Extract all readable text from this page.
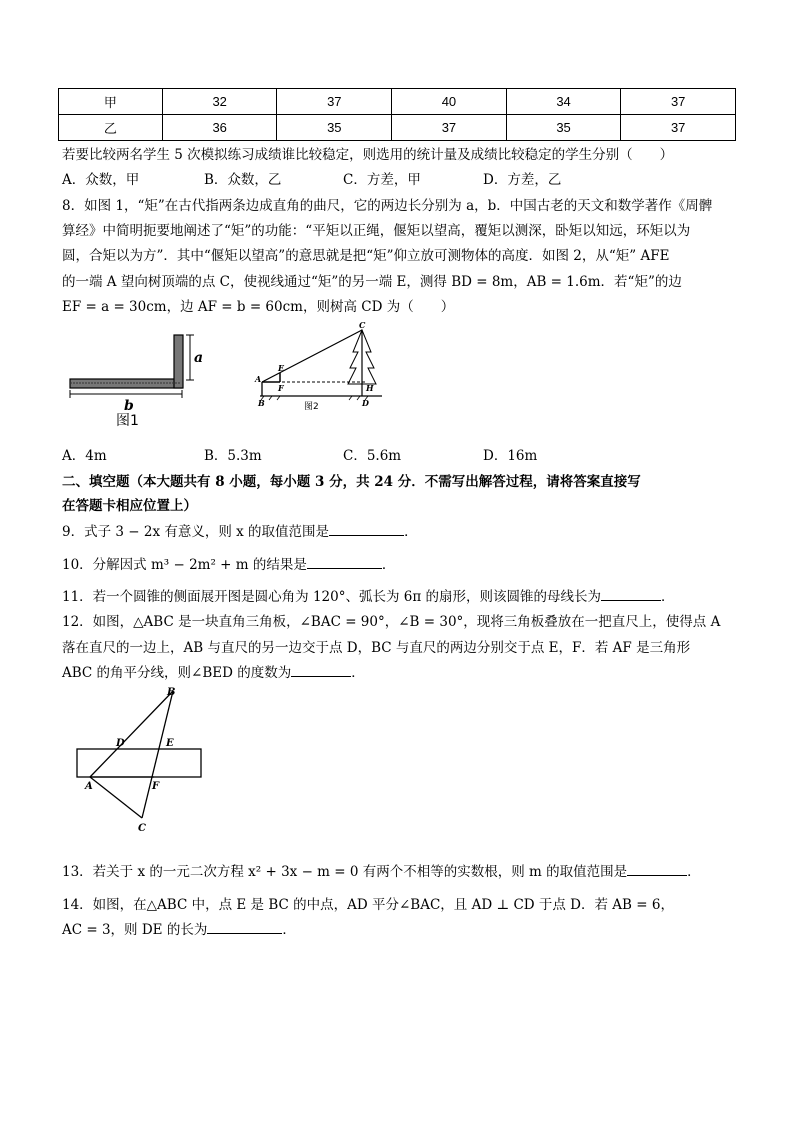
甲	32	37	40	34	37
乙	36	35	37	35	37
若要比较两名学生 5 次模拟练习成绩谁比较稳定，则选用的统计量及成绩比较稳定的学生分别（　　）
A．众数，甲	B．众数，乙	C．方差，甲	D．方差，乙
8．如图 1，“矩”在古代指两条边成直角的曲尺，它的两边长分别为 a，b．中国古老的天文和数学著作《周髀
算经》中简明扼要地阐述了“矩”的功能：“平矩以正绳，偃矩以望高，覆矩以测深，卧矩以知远，环矩以为
圆，合矩以为方”．其中“偃矩以望高”的意思就是把“矩”仰立放可测物体的高度．如图 2，从“矩” AFE
的一端 A 望向树顶端的点 C，使视线通过“矩”的另一端 E，测得 BD = 8m，AB = 1.6m．若“矩”的边
EF = a = 30cm，边 AF = b = 60cm，则树高 CD 为（　　）
a
b
图1
C
E
A
F
B	D
H
图2
A．4m	B．5.3m	C．5.6m	D．16m
二、填空题（本大题共有 8 小题，每小题 3 分，共 24 分．不需写出解答过程，请将答案直接写
在答题卡相应位置上）
9．式子 3 − 2x 有意义，则 x 的取值范围是	．
10．分解因式 m³ − 2m² + m 的结果是	．
11．若一个圆锥的侧面展开图是圆心角为 120°、弧长为 6π 的扇形，则该圆锥的母线长为	．
12．如图，△ABC 是一块直角三角板，∠BAC = 90°，∠B = 30°，现将三角板叠放在一把直尺上，使得点 A
落在直尺的一边上，AB 与直尺的另一边交于点 D，BC 与直尺的两边分别交于点 E，F．若 AF 是三角形
ABC 的角平分线，则∠BED 的度数为	．
B
D	E
A	F
C
13．若关于 x 的一元二次方程 x² + 3x − m = 0 有两个不相等的实数根，则 m 的取值范围是	．
14．如图，在△ABC 中，点 E 是 BC 的中点，AD 平分∠BAC，且 AD ⊥ CD 于点 D．若 AB = 6，
AC = 3，则 DE 的长为	．
